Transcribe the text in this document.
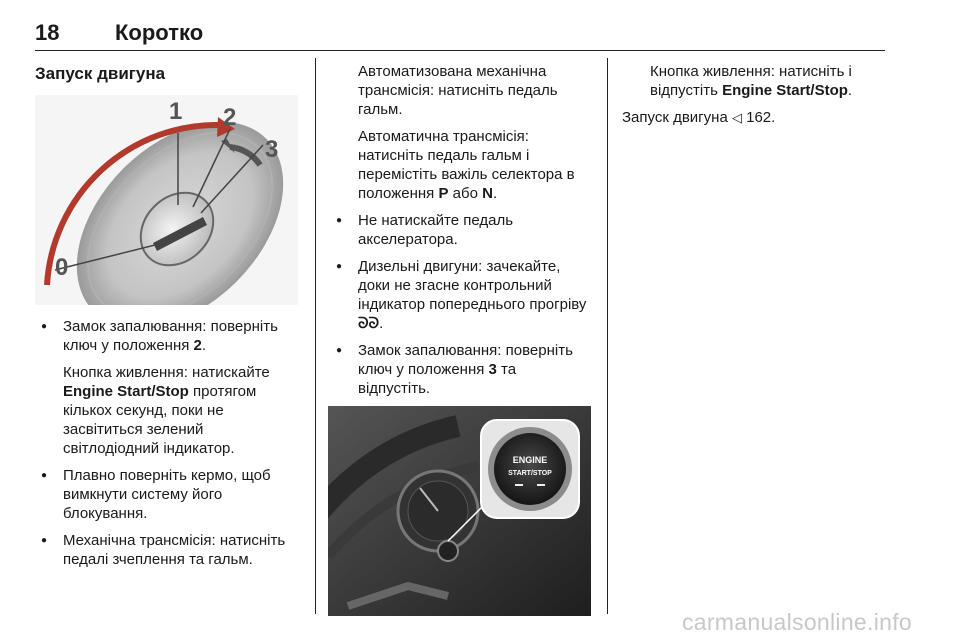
18	Коротко
Запуск двигуна
0
1 2
3
● Замок запалювання: поверніть ключ у положення 2.
Кнопка живлення: натискайте Engine Start/Stop протягом кількох секунд, поки не засвітиться зелений світлодіодний індикатор.
● Плавно поверніть кермо, щоб вимкнути систему його блокування.
● Механічна трансмісія: натисніть педалі зчеплення та гальм.
Автоматизована механічна трансмісія: натисніть педаль гальм.
Автоматична трансмісія: натисніть педаль гальм і перемістіть важіль селектора в положення P або N.
● Не натискайте педаль акселератора.
● Дизельні двигуни: зачекайте, доки не згасне контрольний індикатор попереднього прогріву ᘐᘐ.
● Замок запалювання: поверніть ключ у положення 3 та відпустіть.
ENGINE
START/STOP
Кнопка живлення: натисніть і відпустіть Engine Start/Stop.
Запуск двигуна ◁ 162.
carmanualsonline.info
